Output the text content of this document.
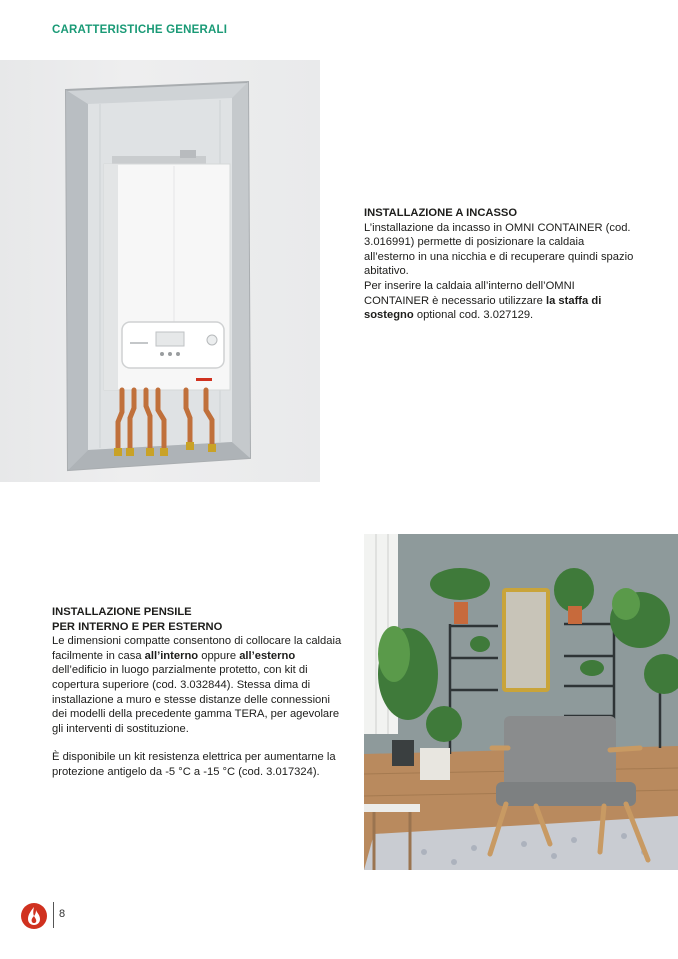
CARATTERISTICHE GENERALI

INSTALLAZIONE A INCASSO

L’installazione da incasso in OMNI CONTAINER (cod. 3.016991) permette di posizionare la caldaia all’esterno in una nicchia e di recuperare quindi spazio abitativo.

Per inserire la caldaia all’interno dell’OMNI CONTAINER è necessario utilizzare la staffa di sostegno optional cod. 3.027129.

INSTALLAZIONE PENSILE

PER INTERNO E PER ESTERNO

Le dimensioni compatte consentono di collocare la caldaia facilmente in casa all’interno oppure all’esterno dell’edificio in luogo parzialmente protetto, con kit di copertura superiore (cod. 3.032844). Stessa dima di installazione a muro e stesse distanze delle connessioni dei modelli della precedente gamma TERA, per agevolare gli interventi di sostituzione.

È disponibile un kit resistenza elettrica per aumentarne la protezione antigelo da -5 °C a -15 °C (cod. 3.017324).

8
